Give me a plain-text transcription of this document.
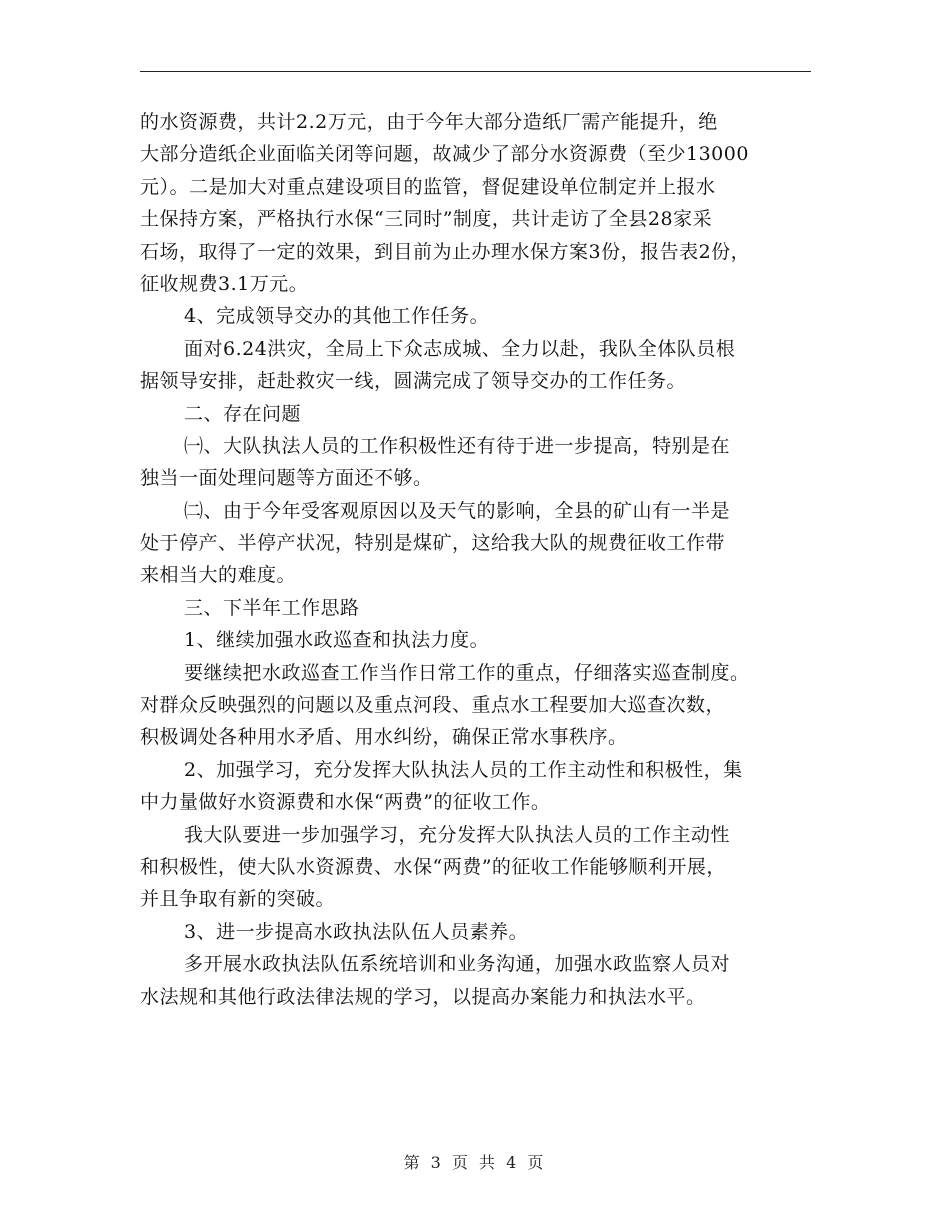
的水资源费，共计2.2万元，由于今年大部分造纸厂需产能提升，绝
大部分造纸企业面临关闭等问题，故减少了部分水资源费（至少13000
元）。二是加大对重点建设项目的监管，督促建设单位制定并上报水
土保持方案，严格执行水保“三同时”制度，共计走访了全县28家采
石场，取得了一定的效果，到目前为止办理水保方案3份，报告表2份，
征收规费3.1万元。
4、完成领导交办的其他工作任务。
面对6.24洪灾，全局上下众志成城、全力以赴，我队全体队员根
据领导安排，赶赴救灾一线，圆满完成了领导交办的工作任务。
二、存在问题
㈠、大队执法人员的工作积极性还有待于进一步提高，特别是在
独当一面处理问题等方面还不够。
㈡、由于今年受客观原因以及天气的影响，全县的矿山有一半是
处于停产、半停产状况，特别是煤矿，这给我大队的规费征收工作带
来相当大的难度。
三、下半年工作思路
1、继续加强水政巡查和执法力度。
要继续把水政巡查工作当作日常工作的重点，仔细落实巡查制度。
对群众反映强烈的问题以及重点河段、重点水工程要加大巡查次数，
积极调处各种用水矛盾、用水纠纷，确保正常水事秩序。
2、加强学习，充分发挥大队执法人员的工作主动性和积极性，集
中力量做好水资源费和水保“两费”的征收工作。
我大队要进一步加强学习，充分发挥大队执法人员的工作主动性
和积极性，使大队水资源费、水保“两费”的征收工作能够顺利开展，
并且争取有新的突破。
3、进一步提高水政执法队伍人员素养。
多开展水政执法队伍系统培训和业务沟通，加强水政监察人员对
水法规和其他行政法律法规的学习，以提高办案能力和执法水平。
第 3 页 共 4 页
